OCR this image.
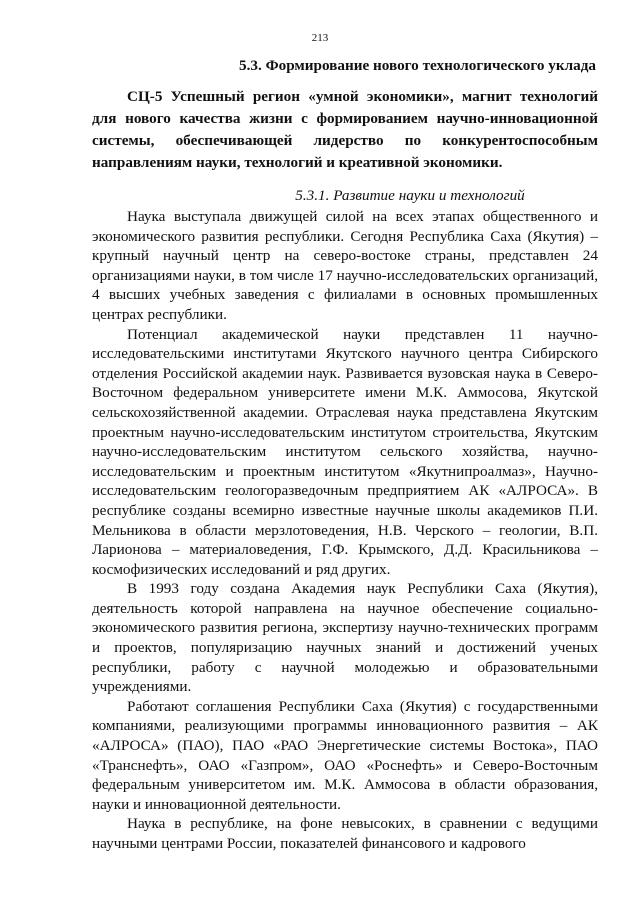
213
5.3. Формирование нового технологического уклада

СЦ-5 Успешный регион «умной экономики», магнит технологий для нового качества жизни с формированием научно-инновационной системы, обеспечивающей лидерство по конкурентоспособным направлениям науки, технологий и креативной экономики.

5.3.1. Развитие науки и технологий

Наука выступала движущей силой на всех этапах общественного и экономического развития республики. Сегодня Республика Саха (Якутия) – крупный научный центр на северо-востоке страны, представлен 24 организациями науки, в том числе 17 научно-исследовательских организаций, 4 высших учебных заведения с филиалами в основных промышленных центрах республики.

Потенциал академической науки представлен 11 научно-исследовательскими институтами Якутского научного центра Сибирского отделения Российской академии наук. Развивается вузовская наука в Северо-Восточном федеральном университете имени М.К. Аммосова, Якутской сельскохозяйственной академии. Отраслевая наука представлена Якутским проектным научно-исследовательским институтом строительства, Якутским научно-исследовательским институтом сельского хозяйства, научно-исследовательским и проектным институтом «Якутнипроалмаз», Научно-исследовательским геологоразведочным предприятием АК «АЛРОСА». В республике созданы всемирно известные научные школы академиков П.И. Мельникова в области мерзлотоведения, Н.В. Черского – геологии, В.П. Ларионова – материаловедения, Г.Ф. Крымского, Д.Д. Красильникова – космофизических исследований и ряд других.

В 1993 году создана Академия наук Республики Саха (Якутия), деятельность которой направлена на научное обеспечение социально-экономического развития региона, экспертизу научно-технических программ и проектов, популяризацию научных знаний и достижений ученых республики, работу с научной молодежью и образовательными учреждениями.

Работают соглашения Республики Саха (Якутия) с государственными компаниями, реализующими программы инновационного развития – АК «АЛРОСА» (ПАО), ПАО «РАО Энергетические системы Востока», ПАО «Транснефть», ОАО «Газпром», ОАО «Роснефть» и Северо-Восточным федеральным университетом им. М.К. Аммосова в области образования, науки и инновационной деятельности.

Наука в республике, на фоне невысоких, в сравнении с ведущими научными центрами России, показателей финансового и кадрового
